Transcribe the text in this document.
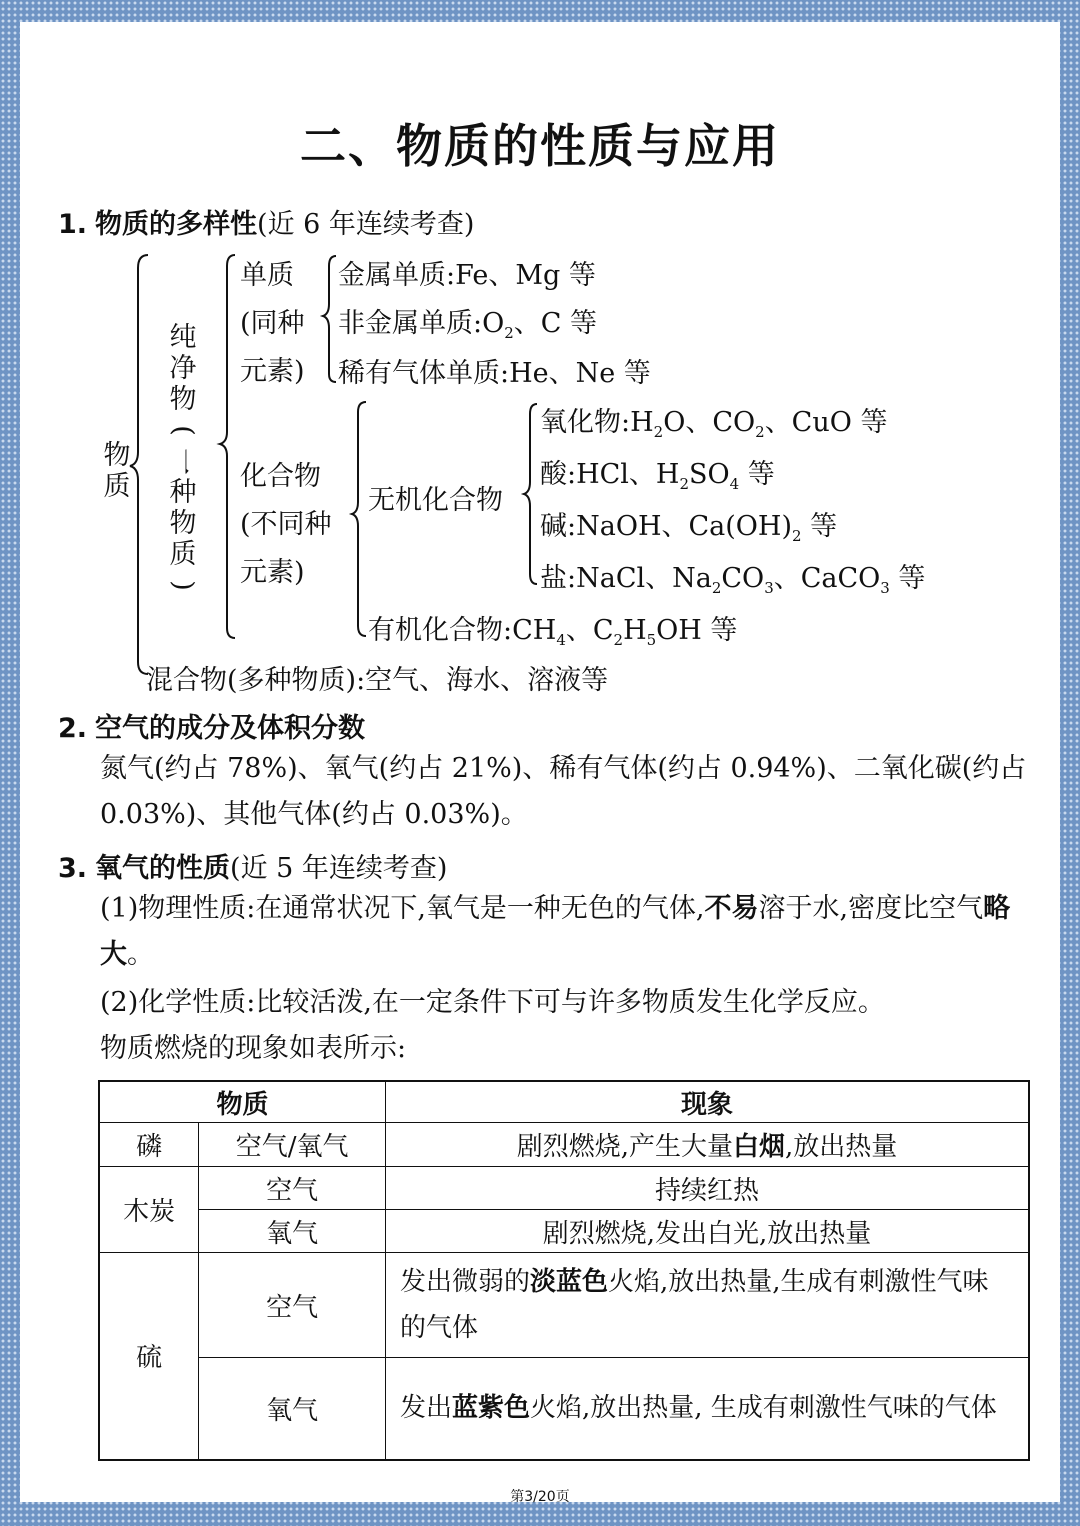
二、物质的性质与应用
1. 物质的多样性(近 6 年连续考查)
物
质
纯
净
物
(
一
种
物
质
)
单质
(同种
元素)
金属单质:Fe、Mg 等
非金属单质$:O_2$、C 等
稀有气体单质:He、Ne 等
化合物
(不同种
元素)
无机化合物
氧化物$:H_2O$、$CO_2$、CuO 等
酸:HCl、$H_2SO_4$ 等
碱:NaOH、$Ca(OH)_2$ 等
盐:NaCl、$Na_2CO_3$、CaCO$_3$ 等
有机化合物$:CH_4$、$C_2H_5OH$ 等
混合物(多种物质):空气、海水、溶液等
2. 空气的成分及体积分数
氮气(约占 78%)、氧气(约占 21%)、稀有气体(约占 0.94%)、二氧化碳(约占 0.03%)、其他气体(约占 0.03%)。
3. 氧气的性质(近 5 年连续考查)
(1)物理性质:在通常状况下,氧气是一种无色的气体,不易溶于水,密度比空气略大。
(2)化学性质:比较活泼,在一定条件下可与许多物质发生化学反应。
物质燃烧的现象如表所示:
物质		现象
磷	空气/氧气	剧烈燃烧,产生大量白烟,放出热量
木炭	空气	持续红热
	氧气	剧烈燃烧,发出白光,放出热量
硫	空气	发出微弱的淡蓝色火焰,放出热量,生成有刺激性气味的气体
	氧气	发出蓝紫色火焰,放出热量, 生成有刺激性气味的气体
第3/20页
